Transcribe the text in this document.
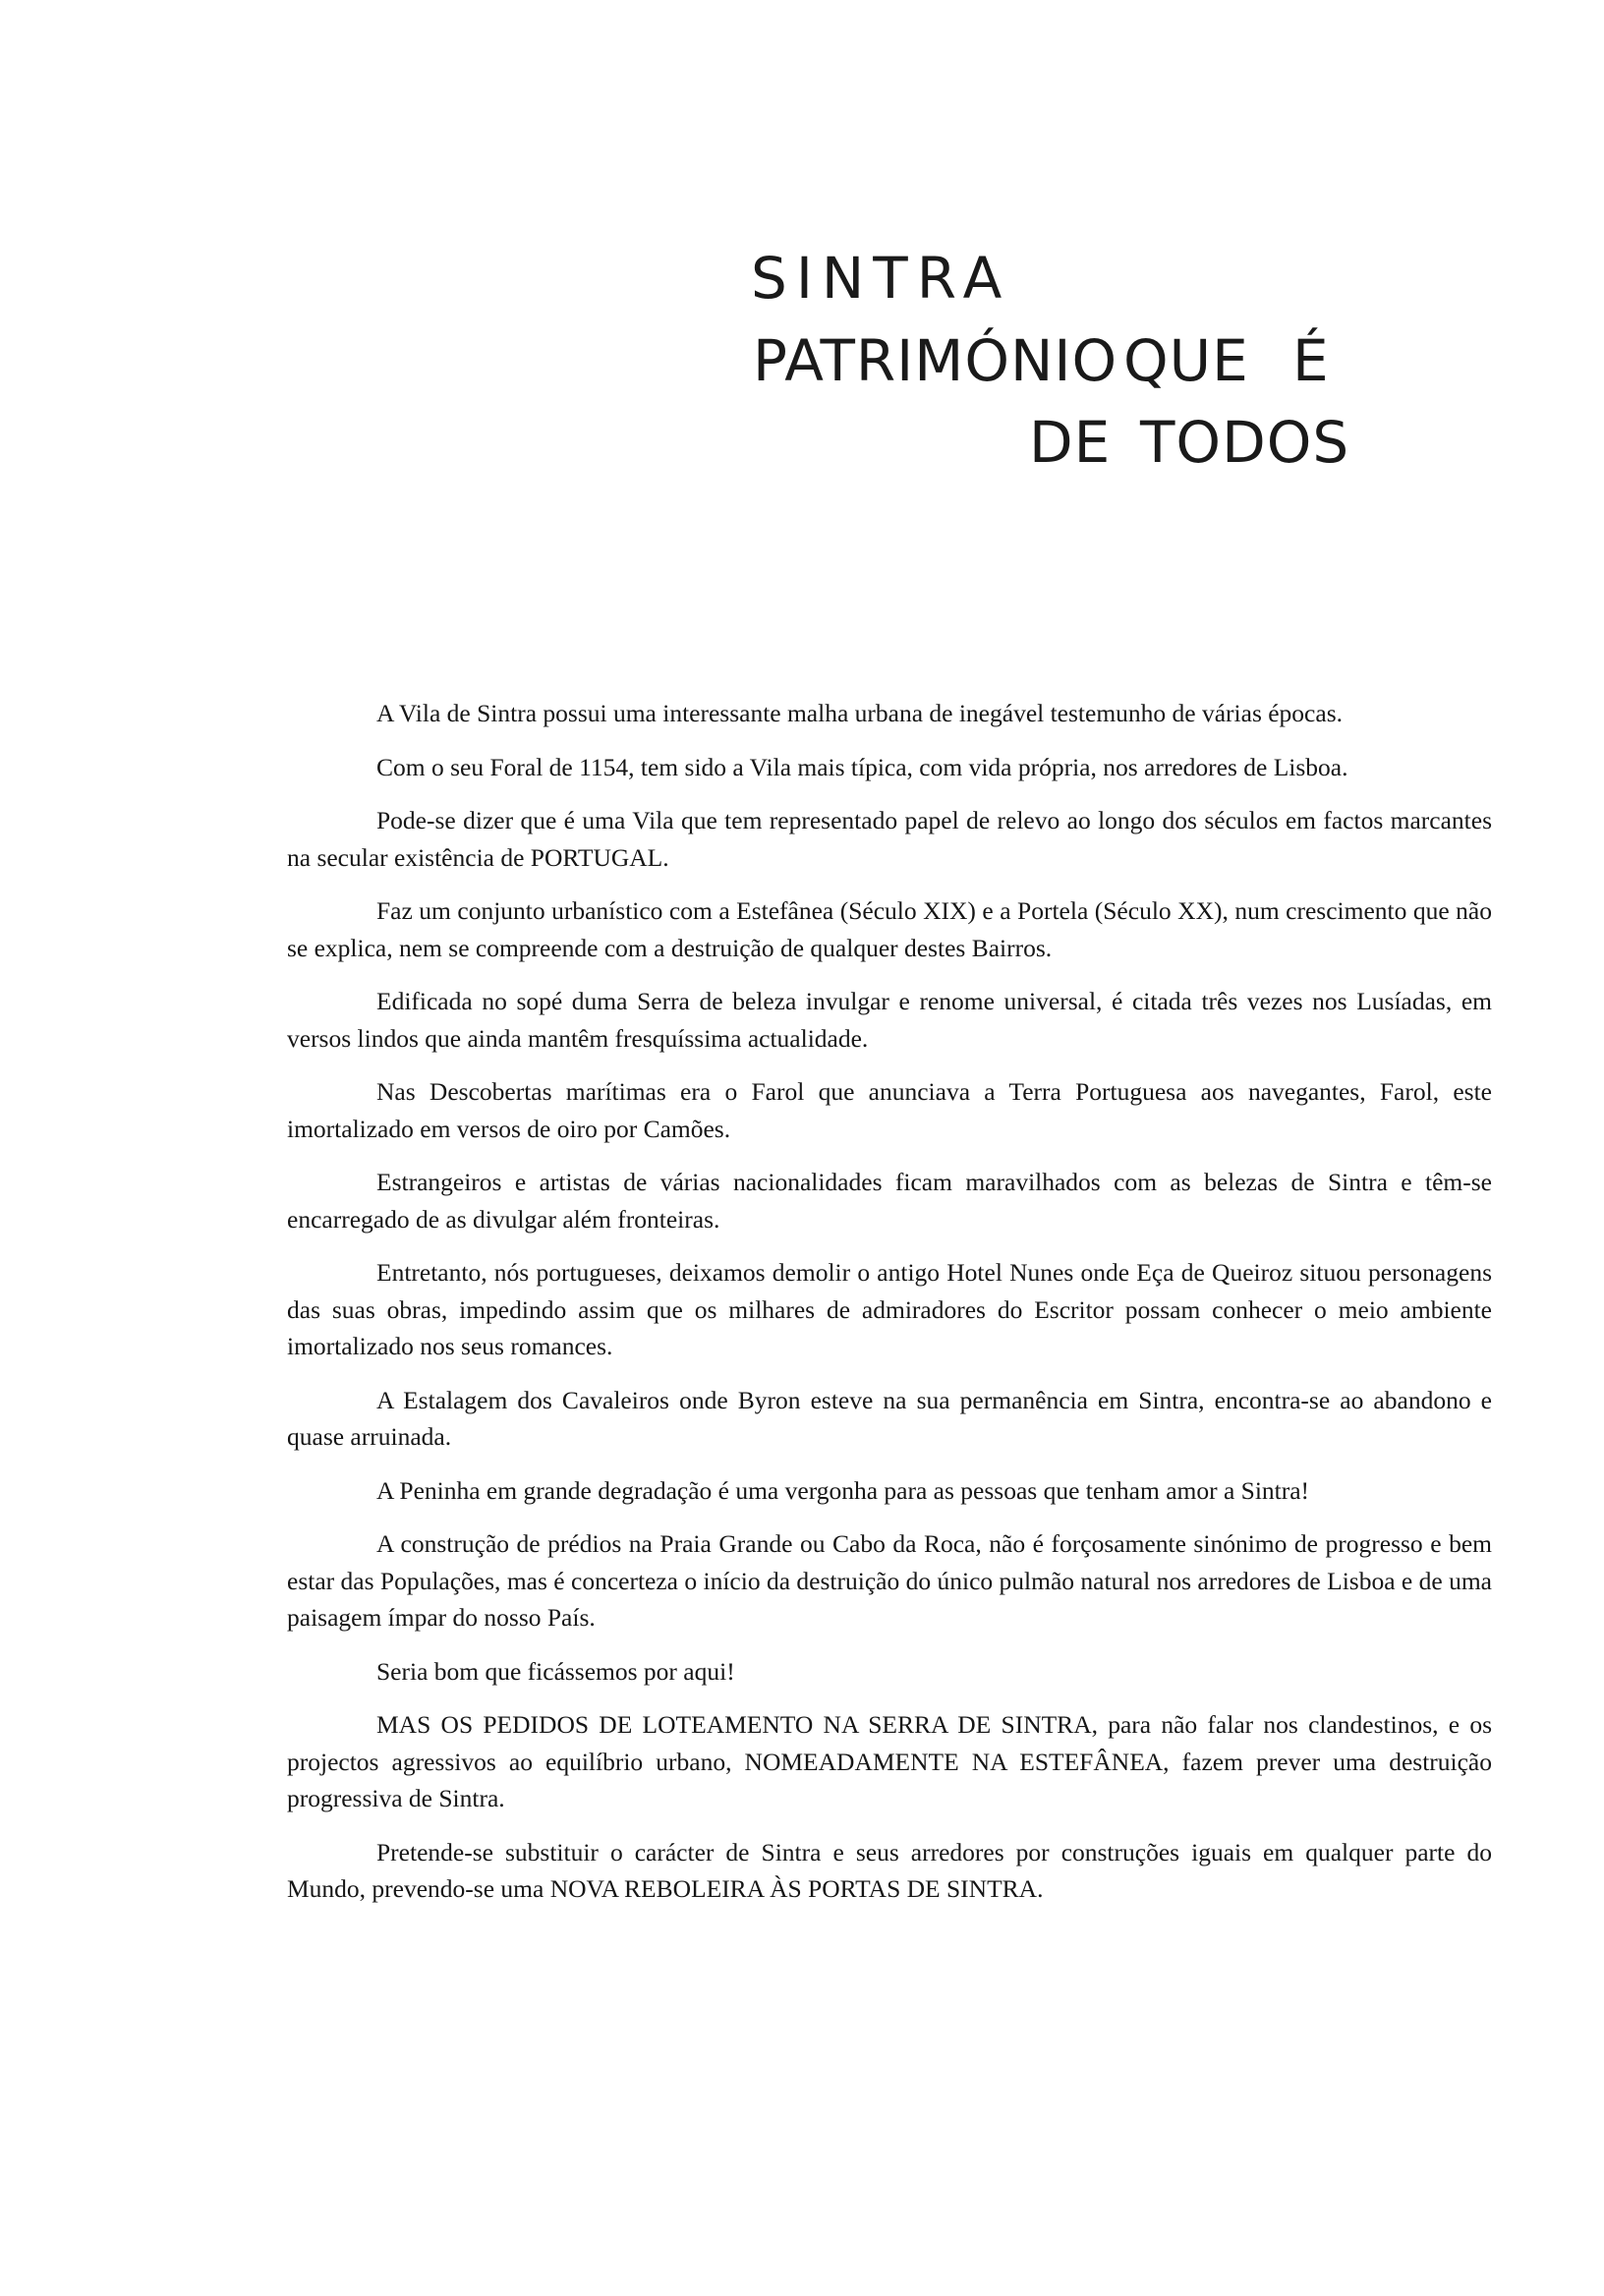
SINTRA
PATRIMÓNIO QUE É
DE TODOS

A Vila de Sintra possui uma interessante malha urbana de inegável testemunho de várias épocas.

Com o seu Foral de 1154, tem sido a Vila mais típica, com vida própria, nos arredores de Lisboa.

Pode-se dizer que é uma Vila que tem representado papel de relevo ao longo dos séculos em factos marcantes na secular existência de PORTUGAL.

Faz um conjunto urbanístico com a Estefânea (Século XIX) e a Portela (Século XX), num crescimento que não se explica, nem se compreende com a destruição de qualquer destes Bairros.

Edificada no sopé duma Serra de beleza invulgar e renome universal, é citada três vezes nos Lusíadas, em versos lindos que ainda mantêm fresquíssima actualidade.

Nas Descobertas marítimas era o Farol que anunciava a Terra Portuguesa aos navegantes, Farol, este imortalizado em versos de oiro por Camões.

Estrangeiros e artistas de várias nacionalidades ficam maravilhados com as belezas de Sintra e têm-se encarregado de as divulgar além fronteiras.

Entretanto, nós portugueses, deixamos demolir o antigo Hotel Nunes onde Eça de Queiroz situou personagens das suas obras, impedindo assim que os milhares de admiradores do Escritor possam conhecer o meio ambiente imortalizado nos seus romances.

A Estalagem dos Cavaleiros onde Byron esteve na sua permanência em Sintra, encontra-se ao abandono e quase arruinada.

A Peninha em grande degradação é uma vergonha para as pessoas que tenham amor a Sintra!

A construção de prédios na Praia Grande ou Cabo da Roca, não é forçosamente sinónimo de progresso e bem estar das Populações, mas é concerteza o início da destruição do único pulmão natural nos arredores de Lisboa e de uma paisagem ímpar do nosso País.

Seria bom que ficássemos por aqui!

MAS OS PEDIDOS DE LOTEAMENTO NA SERRA DE SINTRA, para não falar nos clandestinos, e os projectos agressivos ao equilíbrio urbano, NOMEADAMENTE NA ESTEFÂNEA, fazem prever uma destruição progressiva de Sintra.

Pretende-se substituir o carácter de Sintra e seus arredores por construções iguais em qualquer parte do Mundo, prevendo-se uma NOVA REBOLEIRA ÀS PORTAS DE SINTRA.
